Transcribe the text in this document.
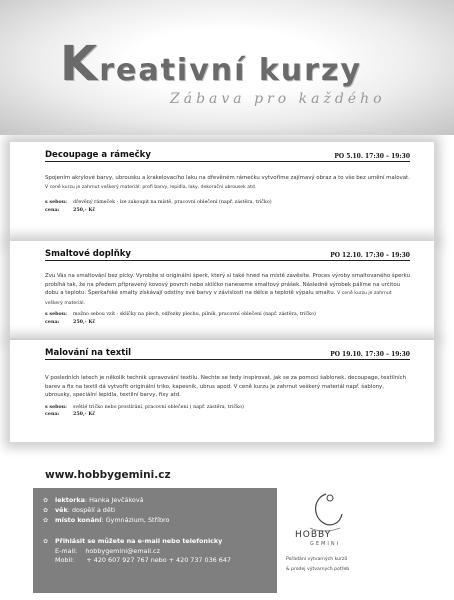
Kreativní kurzy
Zábava pro každého
Decoupage a rámečky	PO 5.10. 17:30 – 19:30
Spojením akrylové barvy, ubrousku a krakelovacího laku na dřevěném rámečku vytvoříme zajímavý obraz a to vše bez umění malovat. V ceně kurzu je zahrnut veškerý materiál: profi barvy, lepidla, laky, dekorační ubrousek atd.
s sebou: dřevěný rámeček - lze zakoupit na místě, pracovní oblečení (např. zástěra, tričko)
cena:	250,- Kč
Smaltové doplňky	PO 12.10. 17:30 – 19:30
Zvu Vás na smaltování bez pícky. Vyrobíte si originální šperk, který si také hned na místě zavěsíte. Proces výroby smaltovaného šperku probíhá tak, že na předem připravený kovový povrch nebo sklíčko naneseme smaltový prášek. Následně výrobek pálíme na určitou dobu a teplotu. Šperkařské smalty získávají odstíny své barvy v závislosti na délce a teplotě výpalu smaltu. V ceně kurzu je zahrnut veškerý materiál.
s sebou: možno sebou vzít - sklíčky na plech, odřezky plechu, pilník, pracovní oblečení (např. zástěra, tričko)
cena:	250,- Kč
Malování na textil	PO 19.10. 17:30 – 19:30
V posledních letech je několik technik upravování textilu. Nechte se tedy inspirovat, jak se za pomoci šablonek, decoupage, textilních barev a fix na textil dá vytvořit originální triko, kapesník, ubrus apod. V ceně kurzu je zahrnut veškerý materiál např. šablony, ubrousky, speciální lepidla, textilní barvy, fixy atd.
s sebou: světlé tričko nebo prostírání, pracovní oblečení ( např. zástěra, tričko)
cena:	250,- Kč
www.hobbygemini.cz
✿ lektorka: Hanka Jevčáková
✿ věk: dospělí a děti
✿ místo konání: Gymnázium, Stříbro
✿ Přihlásit se můžete na e-mail nebo telefonicky
E-mail: hobbygemini@email.cz
Mobil: + 420 607 927 767 nebo + 420 737 036 647
HOBBY
GEMINI
Pořádání výtvarných kurzů
& prodej výtvarných potřeb
